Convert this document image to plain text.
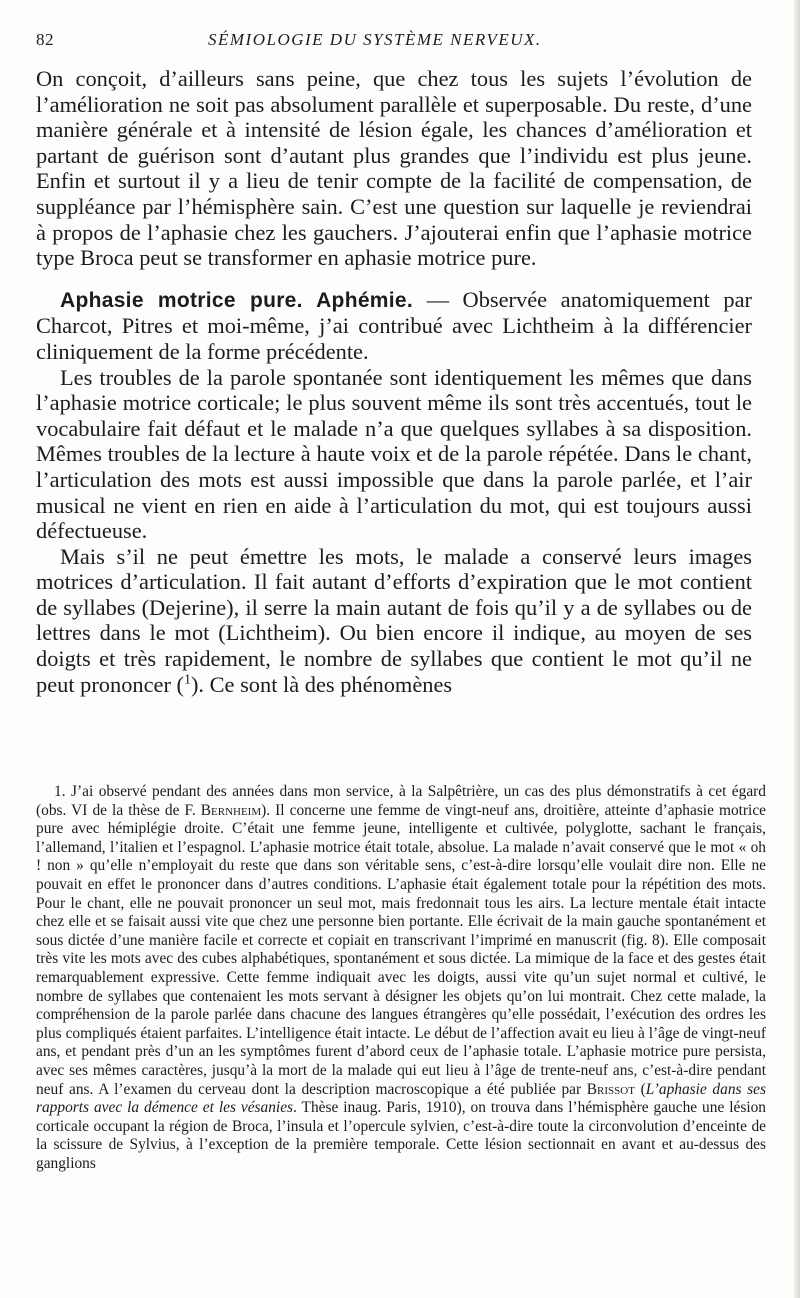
82	SÉMIOLOGIE DU SYSTÈME NERVEUX.

On conçoit, d’ailleurs sans peine, que chez tous les sujets l’évolution de l’amélioration ne soit pas absolument parallèle et superposable. Du reste, d’une manière générale et à intensité de lésion égale, les chances d’amélioration et partant de guérison sont d’autant plus grandes que l’individu est plus jeune. Enfin et surtout il y a lieu de tenir compte de la facilité de compensation, de suppléance par l’hémisphère sain. C’est une question sur laquelle je reviendrai à propos de l’aphasie chez les gauchers. J’ajouterai enfin que l’aphasie motrice type Broca peut se transformer en aphasie motrice pure.

Aphasie motrice pure. Aphémie. — Observée anatomiquement par Charcot, Pitres et moi-même, j’ai contribué avec Lichtheim à la différencier cliniquement de la forme précédente.

Les troubles de la parole spontanée sont identiquement les mêmes que dans l’aphasie motrice corticale; le plus souvent même ils sont très accentués, tout le vocabulaire fait défaut et le malade n’a que quelques syllabes à sa disposition. Mêmes troubles de la lecture à haute voix et de la parole répétée. Dans le chant, l’articulation des mots est aussi impossible que dans la parole parlée, et l’air musical ne vient en rien en aide à l’articulation du mot, qui est toujours aussi défectueuse.

Mais s’il ne peut émettre les mots, le malade a conservé leurs images motrices d’articulation. Il fait autant d’efforts d’expiration que le mot contient de syllabes (Dejerine), il serre la main autant de fois qu’il y a de syllabes ou de lettres dans le mot (Lichtheim). Ou bien encore il indique, au moyen de ses doigts et très rapidement, le nombre de syllabes que contient le mot qu’il ne peut prononcer ($^1$). Ce sont là des phénomènes

1. J’ai observé pendant des années dans mon service, à la Salpêtrière, un cas des plus démonstratifs à cet égard (obs. VI de la thèse de F. Bernheim). Il concerne une femme de vingt-neuf ans, droitière, atteinte d’aphasie motrice pure avec hémiplégie droite. C’était une femme jeune, intelligente et cultivée, polyglotte, sachant le français, l’allemand, l’italien et l’espagnol. L’aphasie motrice était totale, absolue. La malade n’avait conservé que le mot « oh ! non » qu’elle n’employait du reste que dans son véritable sens, c’est-à-dire lorsqu’elle voulait dire non. Elle ne pouvait en effet le prononcer dans d’autres conditions. L’aphasie était également totale pour la répétition des mots. Pour le chant, elle ne pouvait prononcer un seul mot, mais fredonnait tous les airs. La lecture mentale était intacte chez elle et se faisait aussi vite que chez une personne bien portante. Elle écrivait de la main gauche spontanément et sous dictée d’une manière facile et correcte et copiait en transcrivant l’imprimé en manuscrit (fig. 8). Elle composait très vite les mots avec des cubes alphabétiques, spontanément et sous dictée. La mimique de la face et des gestes était remarquablement expressive. Cette femme indiquait avec les doigts, aussi vite qu’un sujet normal et cultivé, le nombre de syllabes que contenaient les mots servant à désigner les objets qu’on lui montrait. Chez cette malade, la compréhension de la parole parlée dans chacune des langues étrangères qu’elle possédait, l’exécution des ordres les plus compliqués étaient parfaites. L’intelligence était intacte. Le début de l’affection avait eu lieu à l’âge de vingt-neuf ans, et pendant près d’un an les symptômes furent d’abord ceux de l’aphasie totale. L’aphasie motrice pure persista, avec ses mêmes caractères, jusqu’à la mort de la malade qui eut lieu à l’âge de trente-neuf ans, c’est-à-dire pendant neuf ans. A l’examen du cerveau dont la description macroscopique a été publiée par Brissot (L’aphasie dans ses rapports avec la démence et les vésanies. Thèse inaug. Paris, 1910), on trouva dans l’hémisphère gauche une lésion corticale occupant la région de Broca, l’insula et l’opercule sylvien, c’est-à-dire toute la circonvolution d’enceinte de la scissure de Sylvius, à l’exception de la première temporale. Cette lésion sectionnait en avant et au-dessus des ganglions
